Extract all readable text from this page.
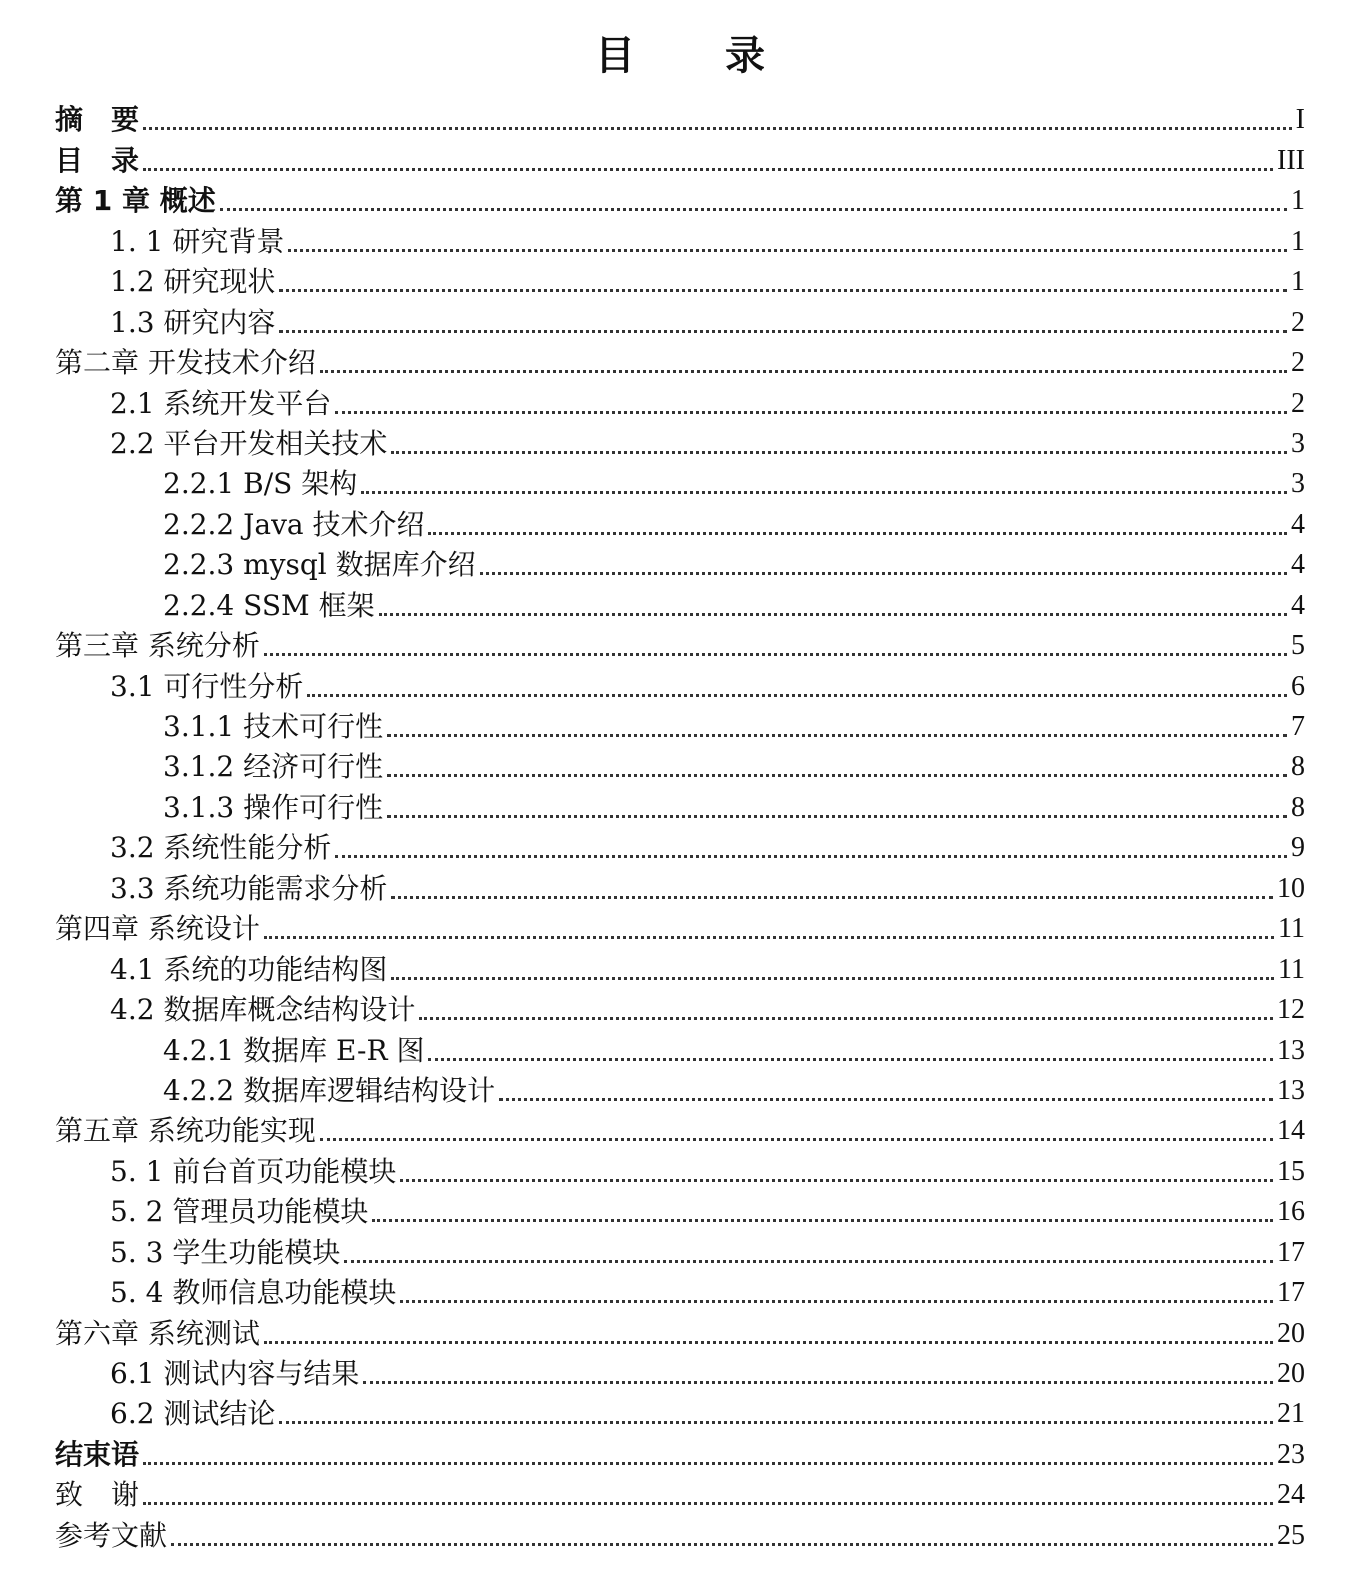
目 录
摘　要	I
目　录	III
第 1 章 概述	1
1. 1 研究背景	1
1.2 研究现状	1
1.3 研究内容	2
第二章 开发技术介绍	2
2.1 系统开发平台	2
2.2 平台开发相关技术	3
2.2.1 B/S 架构	3
2.2.2 Java 技术介绍	4
2.2.3 mysql 数据库介绍	4
2.2.4 SSM 框架	4
第三章 系统分析	5
3.1 可行性分析	6
3.1.1 技术可行性	7
3.1.2 经济可行性	8
3.1.3 操作可行性	8
3.2 系统性能分析	9
3.3 系统功能需求分析	10
第四章 系统设计	11
4.1 系统的功能结构图	11
4.2 数据库概念结构设计	12
4.2.1 数据库 E-R 图	13
4.2.2 数据库逻辑结构设计	13
第五章 系统功能实现	14
5. 1 前台首页功能模块	15
5. 2 管理员功能模块	16
5. 3 学生功能模块	17
5. 4 教师信息功能模块	17
第六章 系统测试	20
6.1 测试内容与结果	20
6.2 测试结论	21
结束语	23
致　谢	24
参考文献	25
